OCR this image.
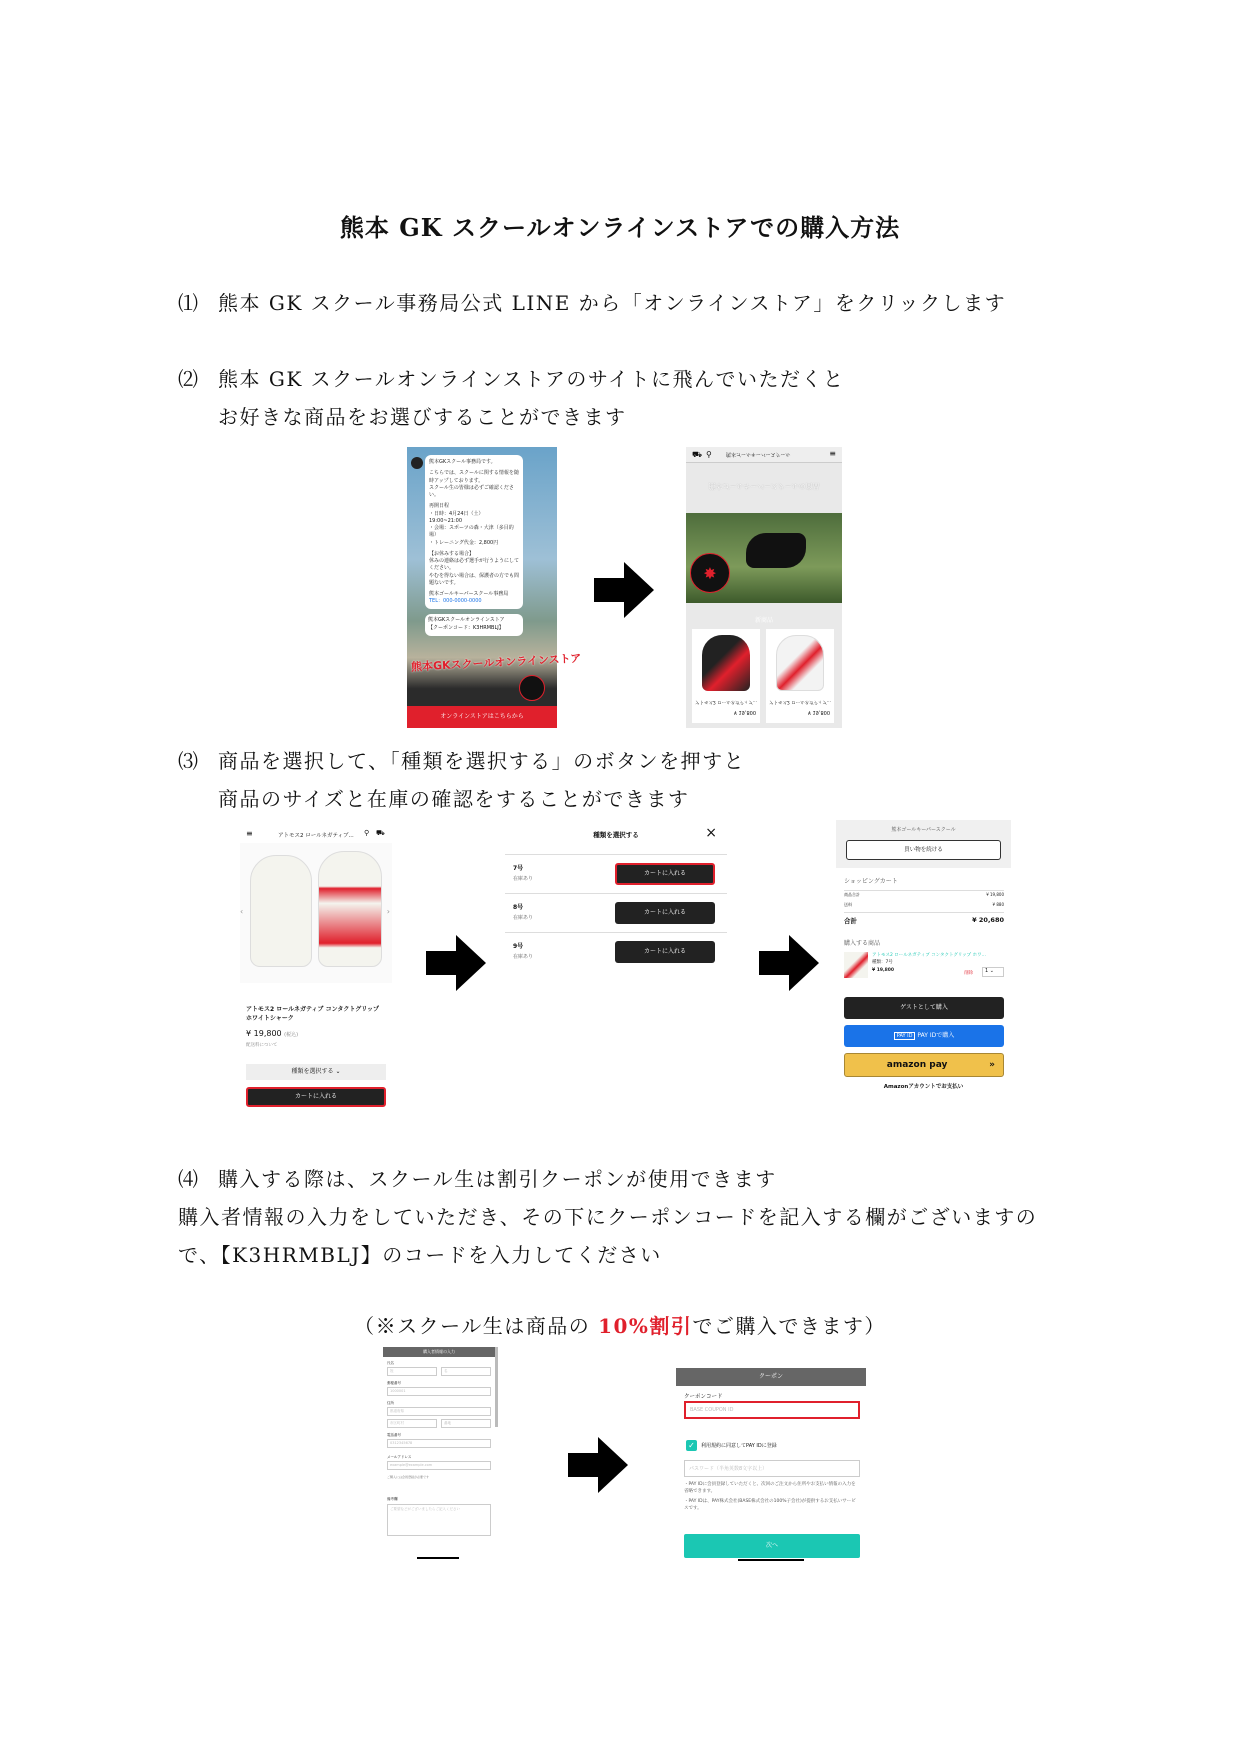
熊本 GK スクールオンラインストアでの購入方法
⑴ 熊本 GK スクール事務局公式 LINE から「オンラインストア」をクリックします
⑵ 熊本 GK スクールオンラインストアのサイトに飛んでいただくと
お好きな商品をお選びすることができます
熊本GKスクール事務局です。
こちらでは、スクールに関する情報を随時アップしております。
スクール生の皆様は必ずご確認ください。
再開日程
・日時：4月24日（土）
19:00~21:00
・会場：スポーツの森・大津（多目的場）
・トレーニング代金：2,800円
【お休みする場合】
休みの連絡は必ず選手が行うようにしてください。
やむを得ない場合は、保護者の方でも問題ないです。
熊本ゴールキーパースクール事務局
TEL：000-0000-0000
熊本GKスクールオンラインストア
【クーポンコード：K3HRMBLJ】
熊本GKスクールオンラインストア
オンラインストアはこちらから
⛟ ⚲	熊本ゴールキーパースクール	≡
熊本ゴールキーパースクールの商品
✸
新商品
アトモス2 ロールネガティブ...
¥ 19,800
アトモス2 ロールネガティブ...
¥ 19,800
⑶ 商品を選択して、「種類を選択する」のボタンを押すと
商品のサイズと在庫の確認をすることができます
≡	アトモス2 ロールネガティブ... ⚲ ⛟
‹	›
アトモス2 ロールネガティブ コンタクトグリップ ホワイトシャーク
¥ 19,800 (税込)
配送料について
種類を選択する ⌄
カートに入れる
種類を選択する	×
7号
在庫あり
カートに入れる
8号
在庫あり
カートに入れる
9号
在庫あり
カートに入れる
熊本ゴールキーパースクール
買い物を続ける
ショッピングカート
商品合計	¥ 19,800
送料	¥ 880
合計	¥ 20,680
購入する商品
アトモス2 ロールネガティブ コンタクトグリップ ホワ...
種類：7号
¥ 19,800
削除	1 ⌄
ゲストとして購入
PAY ID PAY IDで購入
amazon pay	»
Amazonアカウントでお支払い
⑷ 購入する際は、スクール生は割引クーポンが使用できます
購入者情報の入力をしていただき、その下にクーポンコードを記入する欄がございますの
で、【K3HRMBLJ】のコードを入力してください
（※スクール生は商品の 10%割引でご購入できます）
購入者情報の入力
氏名
姓	名
郵便番号
1000001
住所
都道府県
市区町村	番地
電話番号
0312345678
メールアドレス
example@example.com
ご購入には会員登録が必要です
備考欄
ご要望などがございましたらご記入ください
クーポン
クーポンコード
BASE COUPON ID
✓	利用規約に同意してPAY IDに登録
パスワード（半角英数8文字以上）
・PAY IDに会員登録していただくと、次回のご注文から住所やお支払い情報の入力を省略できます。
・PAY IDは、PAY株式会社(BASE株式会社の100%子会社)が提供するお支払いサービスです。
次へ
